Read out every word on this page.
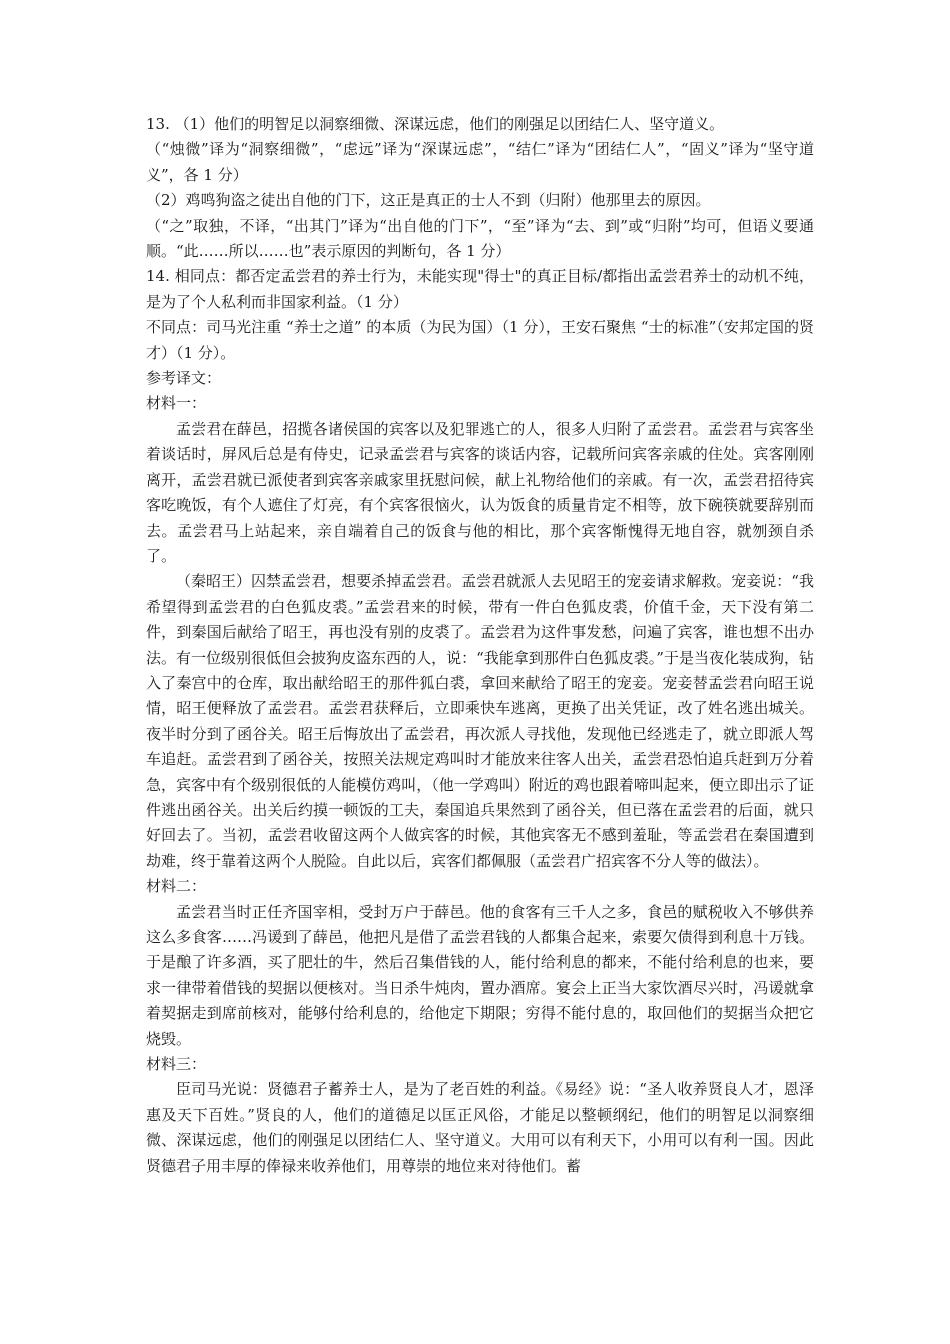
13. （1）他们的明智足以洞察细微、深谋远虑，他们的刚强足以团结仁人、坚守道义。

（“烛微”译为“洞察细微”，“虑远”译为“深谋远虑”，“结仁”译为“团结仁人”，“固义”译为“坚守道义”，各 1 分）

（2）鸡鸣狗盗之徒出自他的门下，这正是真正的士人不到（归附）他那里去的原因。

（“之”取独，不译，“出其门”译为“出自他的门下”，“至”译为“去、到”或“归附”均可，但语义要通顺。“此……所以……也”表示原因的判断句，各 1 分）

14. 相同点：都否定孟尝君的养士行为，未能实现"得士"的真正目标/都指出孟尝君养士的动机不纯，是为了个人私利而非国家利益。（1 分）

不同点：司马光注重 “养士之道” 的本质（为民为国）（1 分），王安石聚焦 “士的标准”（安邦定国的贤才）（1 分）。

参考译文：

材料一：

孟尝君在薛邑，招揽各诸侯国的宾客以及犯罪逃亡的人，很多人归附了孟尝君。孟尝君与宾客坐着谈话时，屏风后总是有侍史，记录孟尝君与宾客的谈话内容，记载所问宾客亲戚的住处。宾客刚刚离开，孟尝君就已派使者到宾客亲戚家里抚慰问候，献上礼物给他们的亲戚。有一次，孟尝君招待宾客吃晚饭，有个人遮住了灯亮，有个宾客很恼火，认为饭食的质量肯定不相等，放下碗筷就要辞别而去。孟尝君马上站起来，亲自端着自己的饭食与他的相比，那个宾客惭愧得无地自容，就刎颈自杀了。

（秦昭王）囚禁孟尝君，想要杀掉孟尝君。孟尝君就派人去见昭王的宠妾请求解救。宠妾说：“我希望得到孟尝君的白色狐皮裘。”孟尝君来的时候，带有一件白色狐皮裘，价值千金，天下没有第二件，到秦国后献给了昭王，再也没有别的皮裘了。孟尝君为这件事发愁，问遍了宾客，谁也想不出办法。有一位级别很低但会披狗皮盗东西的人，说：“我能拿到那件白色狐皮裘。”于是当夜化装成狗，钻入了秦宫中的仓库，取出献给昭王的那件狐白裘，拿回来献给了昭王的宠妾。宠妾替孟尝君向昭王说情，昭王便释放了孟尝君。孟尝君获释后，立即乘快车逃离，更换了出关凭证，改了姓名逃出城关。夜半时分到了函谷关。昭王后悔放出了孟尝君，再次派人寻找他，发现他已经逃走了，就立即派人驾车追赶。孟尝君到了函谷关，按照关法规定鸡叫时才能放来往客人出关，孟尝君恐怕追兵赶到万分着急，宾客中有个级别很低的人能模仿鸡叫，（他一学鸡叫）附近的鸡也跟着啼叫起来，便立即出示了证件逃出函谷关。出关后约摸一顿饭的工夫，秦国追兵果然到了函谷关，但已落在孟尝君的后面，就只好回去了。当初，孟尝君收留这两个人做宾客的时候，其他宾客无不感到羞耻，等孟尝君在秦国遭到劫难，终于靠着这两个人脱险。自此以后，宾客们都佩服（孟尝君广招宾客不分人等的做法）。

材料二：

孟尝君当时正任齐国宰相，受封万户于薛邑。他的食客有三千人之多，食邑的赋税收入不够供养这么多食客……冯谖到了薛邑，他把凡是借了孟尝君钱的人都集合起来，索要欠债得到利息十万钱。于是酿了许多酒，买了肥壮的牛，然后召集借钱的人，能付给利息的都来，不能付给利息的也来，要求一律带着借钱的契据以便核对。当日杀牛炖肉，置办酒席。宴会上正当大家饮酒尽兴时，冯谖就拿着契据走到席前核对，能够付给利息的，给他定下期限；穷得不能付息的，取回他们的契据当众把它烧毁。

材料三：

臣司马光说：贤德君子蓄养士人，是为了老百姓的利益。《易经》说：“圣人收养贤良人才，恩泽惠及天下百姓。”贤良的人，他们的道德足以匡正风俗，才能足以整顿纲纪，他们的明智足以洞察细微、深谋远虑，他们的刚强足以团结仁人、坚守道义。大用可以有利天下，小用可以有利一国。因此贤德君子用丰厚的俸禄来收养他们，用尊崇的地位来对待他们。蓄
